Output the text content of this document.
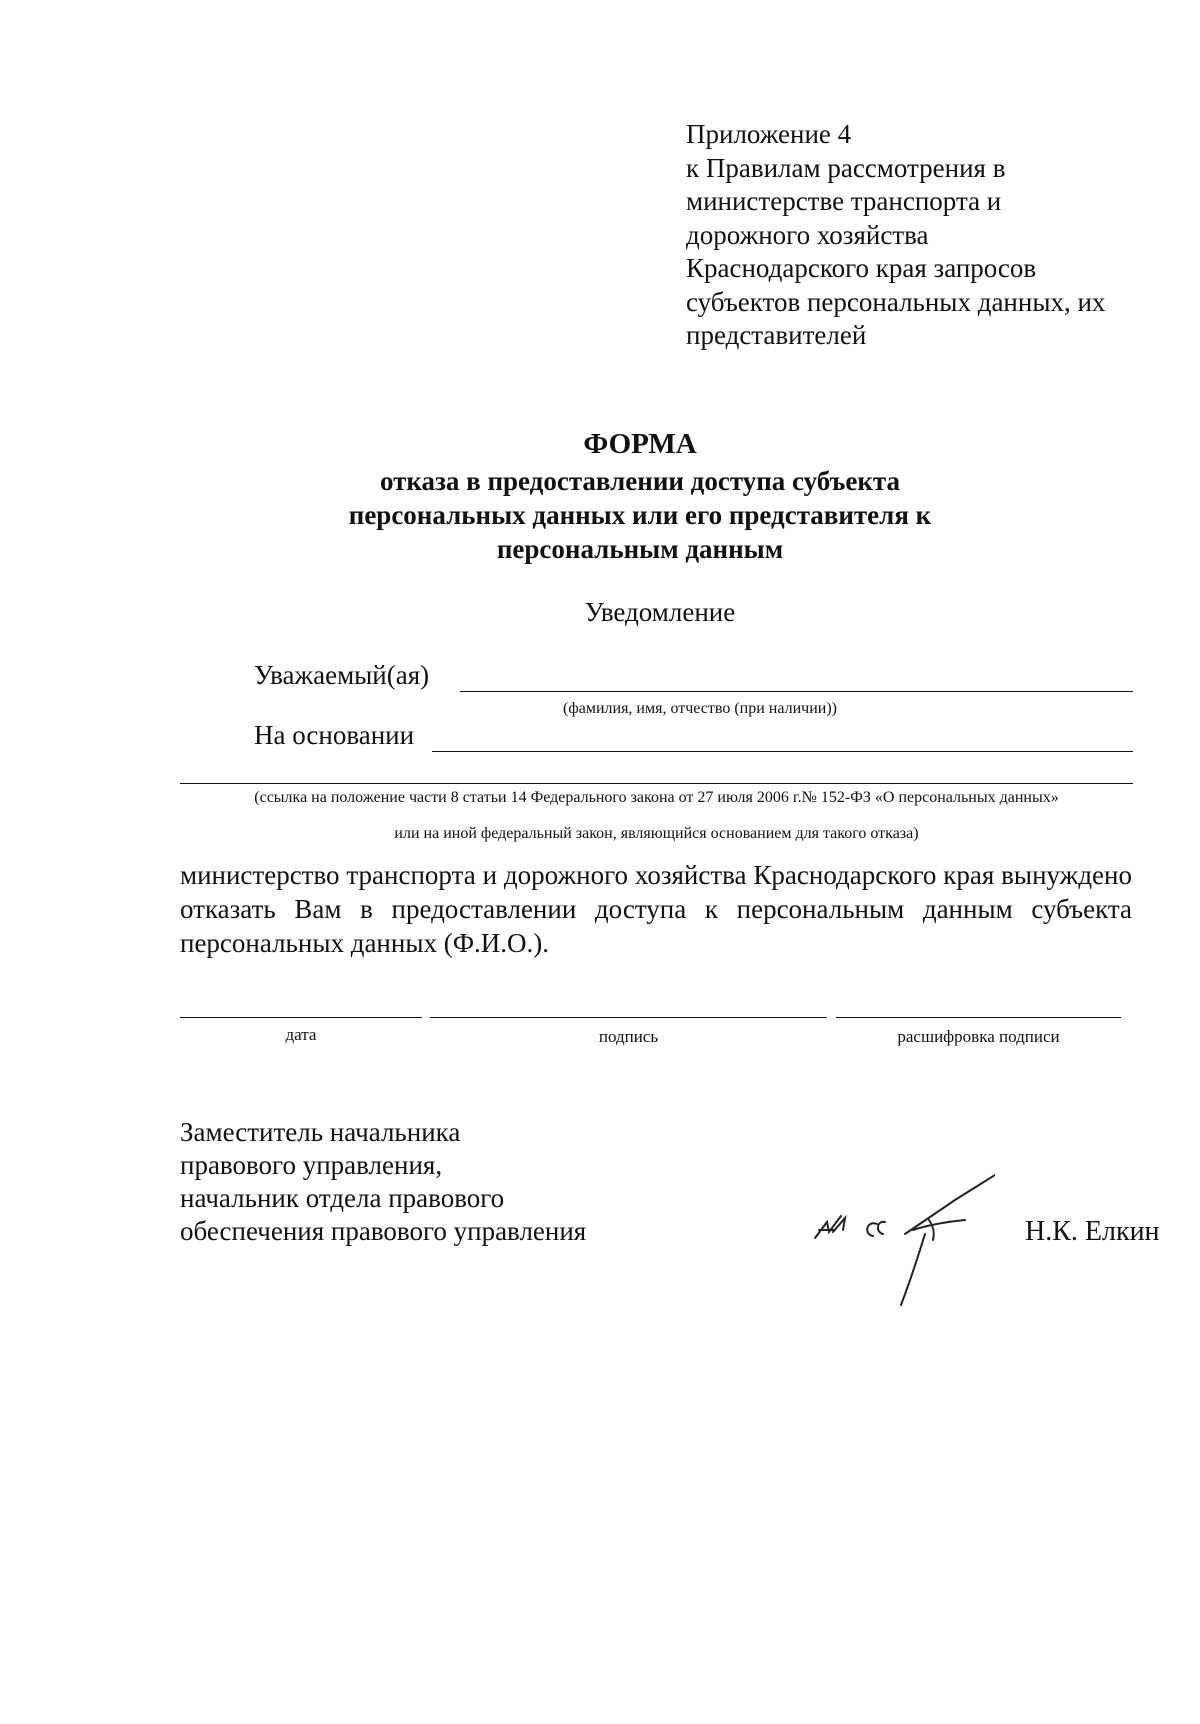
Приложение 4
к Правилам рассмотрения в
министерстве транспорта и
дорожного хозяйства
Краснодарского края запросов
субъектов персональных данных, их
представителей
ФОРМА
отказа в предоставлении доступа субъекта
персональных данных или его представителя к
персональным данным
Уведомление
Уважаемый(ая)
(фамилия, имя, отчество (при наличии))
На основании
(ссылка на положение части 8 статьи 14 Федерального закона от 27 июля 2006 г.№ 152-ФЗ «О персональных данных»
или на иной федеральный закон, являющийся основанием для такого отказа)
министерство транспорта и дорожного хозяйства Краснодарского края вынуждено отказать Вам в предоставлении доступа к персональным данным субъекта персональных данных (Ф.И.О.).
дата	подпись	расшифровка подписи
Заместитель начальника
правового управления,
начальник отдела правового
обеспечения правового управления	Н.К. Елкин
